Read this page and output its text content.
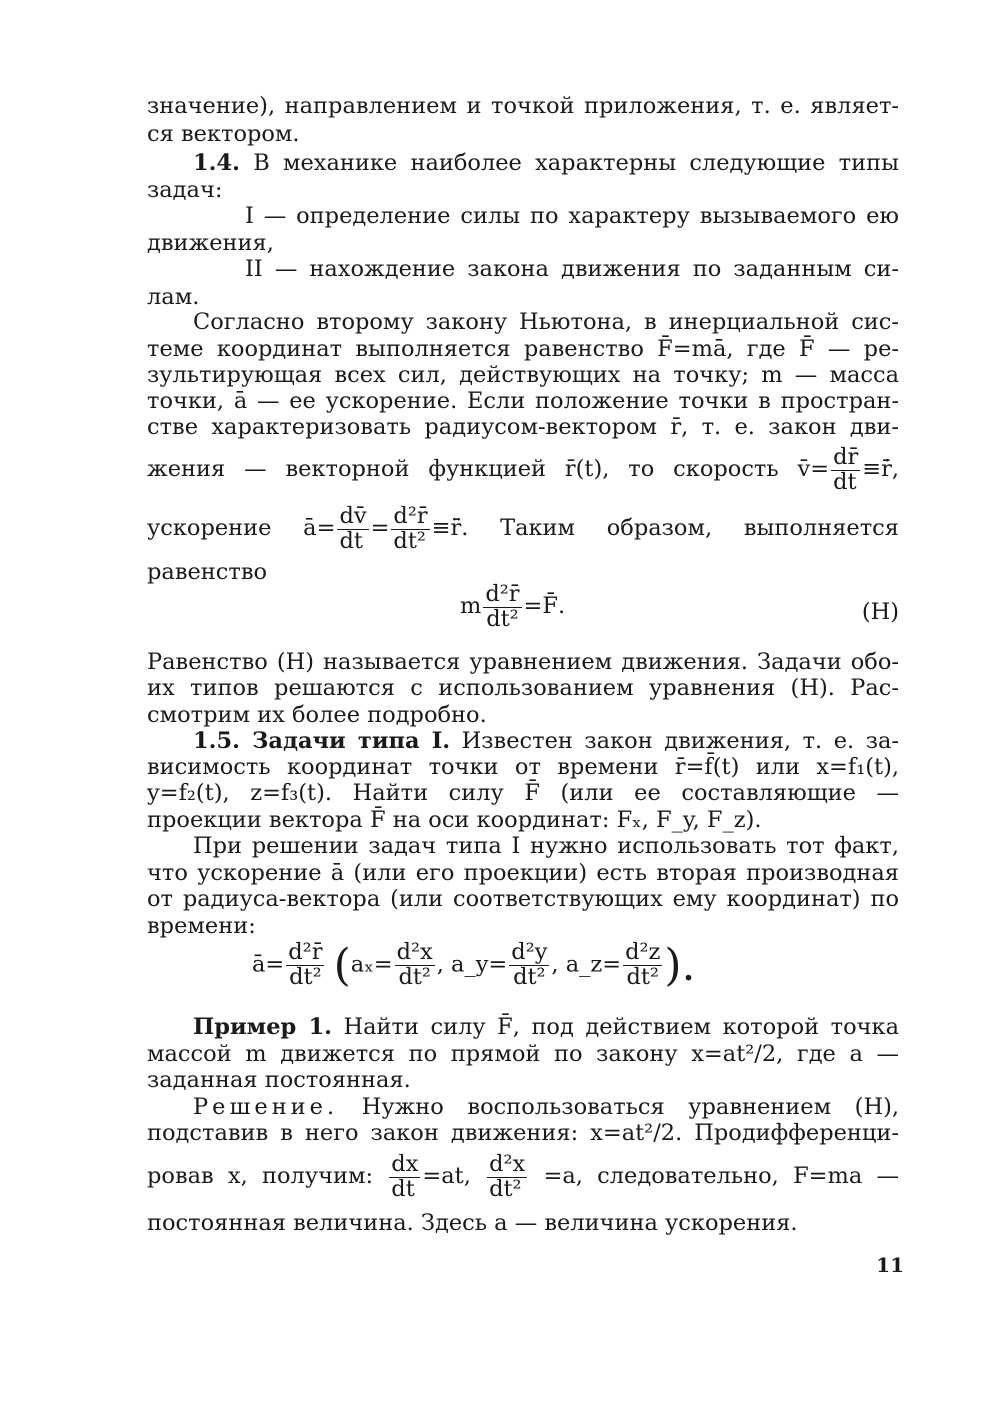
значение), направлением и точкой приложения, т. е. являет-
ся вектором.
1.4. В механике наиболее характерны следующие типы
задач:
I — определение силы по характеру вызываемого ею
движения,
II — нахождение закона движения по заданным си-
лам.
Согласно второму закону Ньютона, в инерциальной сис-
теме координат выполняется равенство F̄=mā, где F̄ — ре-
зультирующая всех сил, действующих на точку; m — масса
точки, ā — ее ускорение. Если положение точки в простран-
стве характеризовать радиусом-вектором r̄, т. е. закон дви-
жения — векторной функцией r̄(t), то скорость v̄= $\frac{dr̄}{dt}$ ≡ṙ̄,
ускорение ā= $\frac{dv̄}{dt} = \frac{\text{d²r̄}}{\text{dt²}}$ ≡r̄̈. Таким образом, выполняется
равенство
m $\frac{\text{d²r̄}}{\text{dt²}}$ =F̄.	(Н)
Равенство (Н) называется уравнением движения. Задачи обо-
их типов решаются с использованием уравнения (Н). Рас-
смотрим их более подробно.
1.5. Задачи типа I. Известен закон движения, т. е. за-
висимость координат точки от времени r̄=f̄(t) или x=f₁(t),
y=f₂(t), z=f₃(t). Найти силу F̄ (или ее составляющие —
проекции вектора F̄ на оси координат: Fₓ, F_y, F_z).
При решении задач типа I нужно использовать тот факт,
что ускорение ā (или его проекции) есть вторая производная
от радиуса-вектора (или соответствующих ему координат) по
времени:
ā= $\frac{\text{d²r̄}}{\text{dt²}} (a_x= \frac{\text{d²x}}{\text{dt²}}$ , a_y= $\frac{\text{d²y}}{\text{dt²}}$ , a_z= $\frac{\text{d²z}}{\text{dt²}}$ ).
Пример 1. Найти силу F̄, под действием которой точка
массой m движется по прямой по закону x=at²/2, где a —
заданная постоянная.
Решение. Нужно воспользоваться уравнением (Н),
подставив в него закон движения: x=at²/2. Продифференци-
ровав x, получим: $\frac{dx}{dt} =at$, $\frac{\text{d²x}}{\text{dt²}} =a$, следовательно, F=ma —
постоянная величина. Здесь a — величина ускорения.
11
